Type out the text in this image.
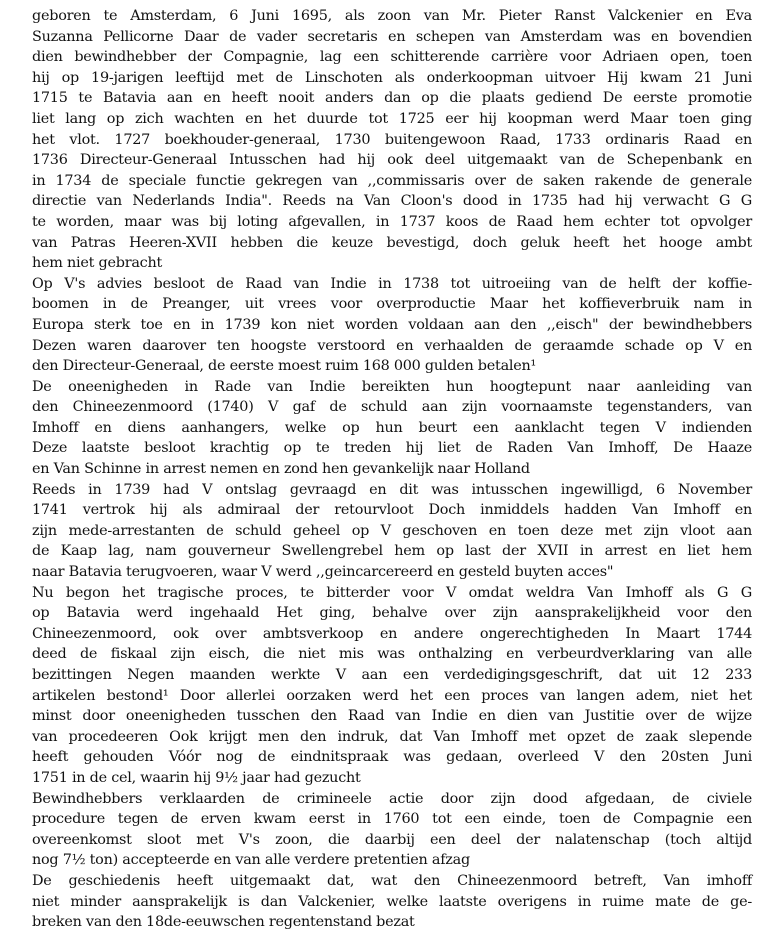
geboren te Amsterdam, 6 Juni 1695, als zoon van Mr. Pieter Ranst Valckenier en Eva
Suzanna Pellicorne Daar de vader secretaris en schepen van Amsterdam was en bovendien
dien bewindhebber der Compagnie, lag een schitterende carrière voor Adriaen open, toen
hij op 19-jarigen leeftijd met de Linschoten als onderkoopman uitvoer Hij kwam 21 Juni
1715 te Batavia aan en heeft nooit anders dan op die plaats gediend De eerste promotie
liet lang op zich wachten en het duurde tot 1725 eer hij koopman werd Maar toen ging
het vlot. 1727 boekhouder-generaal, 1730 buitengewoon Raad, 1733 ordinaris Raad en
1736 Directeur-Generaal Intusschen had hij ook deel uitgemaakt van de Schepenbank en
in 1734 de speciale functie gekregen van ,,commissaris over de saken rakende de generale
directie van Nederlands India". Reeds na Van Cloon's dood in 1735 had hij verwacht G G
te worden, maar was bij loting afgevallen, in 1737 koos de Raad hem echter tot opvolger
van Patras Heeren-XVII hebben die keuze bevestigd, doch geluk heeft het hooge ambt
hem niet gebracht
Op V's advies besloot de Raad van Indie in 1738 tot uitroeiing van de helft der koffie-
boomen in de Preanger, uit vrees voor overproductie Maar het koffieverbruik nam in
Europa sterk toe en in 1739 kon niet worden voldaan aan den ,,eisch" der bewindhebbers
Dezen waren daarover ten hoogste verstoord en verhaalden de geraamde schade op V en
den Directeur-Generaal, de eerste moest ruim 168 000 gulden betalen¹
De oneenigheden in Rade van Indie bereikten hun hoogtepunt naar aanleiding van
den Chineezenmoord (1740) V gaf de schuld aan zijn voornaamste tegenstanders, van
Imhoff en diens aanhangers, welke op hun beurt een aanklacht tegen V indienden
Deze laatste besloot krachtig op te treden hij liet de Raden Van Imhoff, De Haaze
en Van Schinne in arrest nemen en zond hen gevankelijk naar Holland
Reeds in 1739 had V ontslag gevraagd en dit was intusschen ingewilligd, 6 November
1741 vertrok hij als admiraal der retourvloot Doch inmiddels hadden Van Imhoff en
zijn mede-arrestanten de schuld geheel op V geschoven en toen deze met zijn vloot aan
de Kaap lag, nam gouverneur Swellengrebel hem op last der XVII in arrest en liet hem
naar Batavia terugvoeren, waar V werd ,,geincarcereerd en gesteld buyten acces"
Nu begon het tragische proces, te bitterder voor V omdat weldra Van Imhoff als G G
op Batavia werd ingehaald Het ging, behalve over zijn aansprakelijkheid voor den
Chineezenmoord, ook over ambtsverkoop en andere ongerechtigheden In Maart 1744
deed de fiskaal zijn eisch, die niet mis was onthalzing en verbeurdverklaring van alle
bezittingen Negen maanden werkte V aan een verdedigingsgeschrift, dat uit 12 233
artikelen bestond¹ Door allerlei oorzaken werd het een proces van langen adem, niet het
minst door oneenigheden tusschen den Raad van Indie en dien van Justitie over de wijze
van procedeeren Ook krijgt men den indruk, dat Van Imhoff met opzet de zaak slepende
heeft gehouden Vóór nog de eindnitspraak was gedaan, overleed V den 20sten Juni
1751 in de cel, waarin hij 9½ jaar had gezucht
Bewindhebbers verklaarden de crimineele actie door zijn dood afgedaan, de civiele
procedure tegen de erven kwam eerst in 1760 tot een einde, toen de Compagnie een
overeenkomst sloot met V's zoon, die daarbij een deel der nalatenschap (toch altijd
nog 7½ ton) accepteerde en van alle verdere pretentien afzag
De geschiedenis heeft uitgemaakt dat, wat den Chineezenmoord betreft, Van imhoff
niet minder aansprakelijk is dan Valckenier, welke laatste overigens in ruime mate de ge-
breken van den 18de-eeuwschen regentenstand bezat
